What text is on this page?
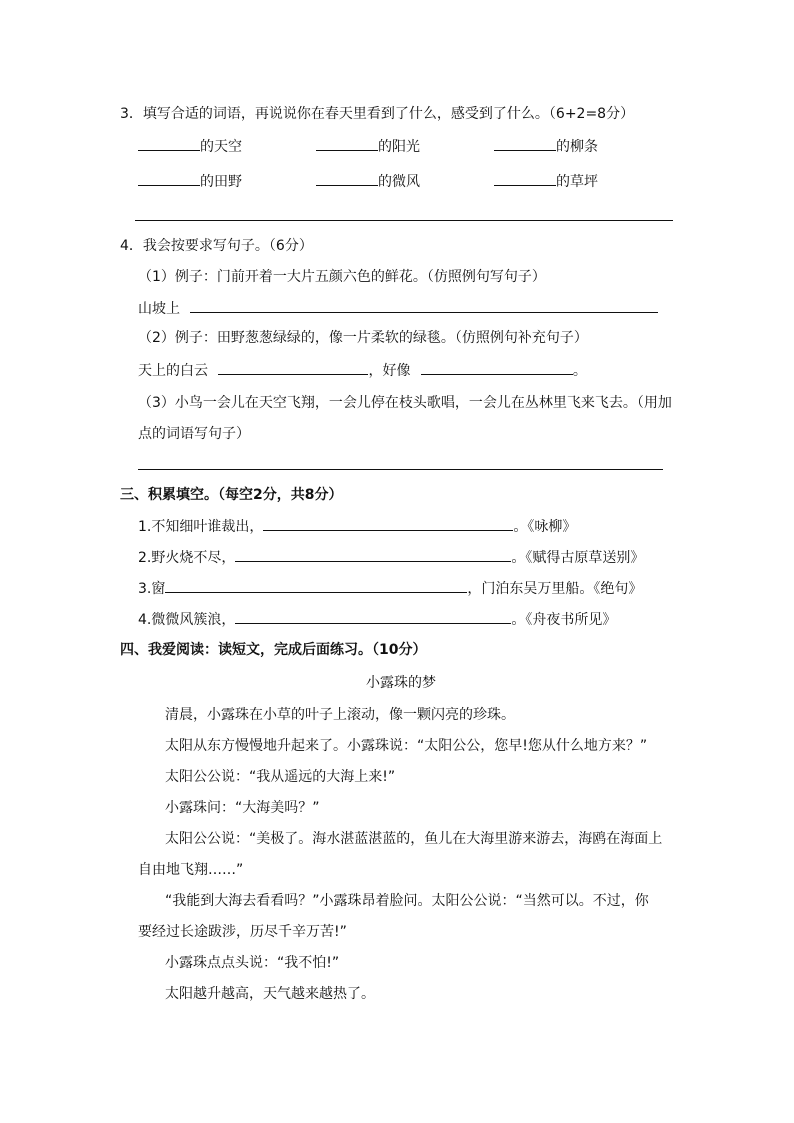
3．填写合适的词语，再说说你在春天里看到了什么，感受到了什么。（6+2=8分）
的天空	的阳光	的柳条
的田野	的微风	的草坪
4．我会按要求写句子。（6分）
（1）例子：门前开着一大片五颜六色的鲜花。（仿照例句写句子）
山坡上
（2）例子：田野葱葱绿绿的，像一片柔软的绿毯。（仿照例句补充句子）
天上的白云	，好像	。
（3）小鸟一会儿在天空飞翔，一会儿停在枝头歌唱，一会儿在丛林里飞来飞去。（用加
点的词语写句子）
三、积累填空。（每空2分，共8分）
1.不知细叶谁裁出，	。《咏柳》
2.野火烧不尽，	。《赋得古原草送别》
3.窗	，门泊东吴万里船。《绝句》
4.微微风簇浪，	。《舟夜书所见》
四、我爱阅读：读短文，完成后面练习。（10分）
小露珠的梦
清晨，小露珠在小草的叶子上滚动，像一颗闪亮的珍珠。
太阳从东方慢慢地升起来了。小露珠说：“太阳公公，您早!您从什么地方来？”
太阳公公说：“我从遥远的大海上来!”
小露珠问：“大海美吗？”
太阳公公说：“美极了。海水湛蓝湛蓝的，鱼儿在大海里游来游去，海鸥在海面上
自由地飞翔……”
“我能到大海去看看吗？”小露珠昂着脸问。太阳公公说：“当然可以。不过，你
要经过长途跋涉，历尽千辛万苦!”
小露珠点点头说：“我不怕!”
太阳越升越高，天气越来越热了。
